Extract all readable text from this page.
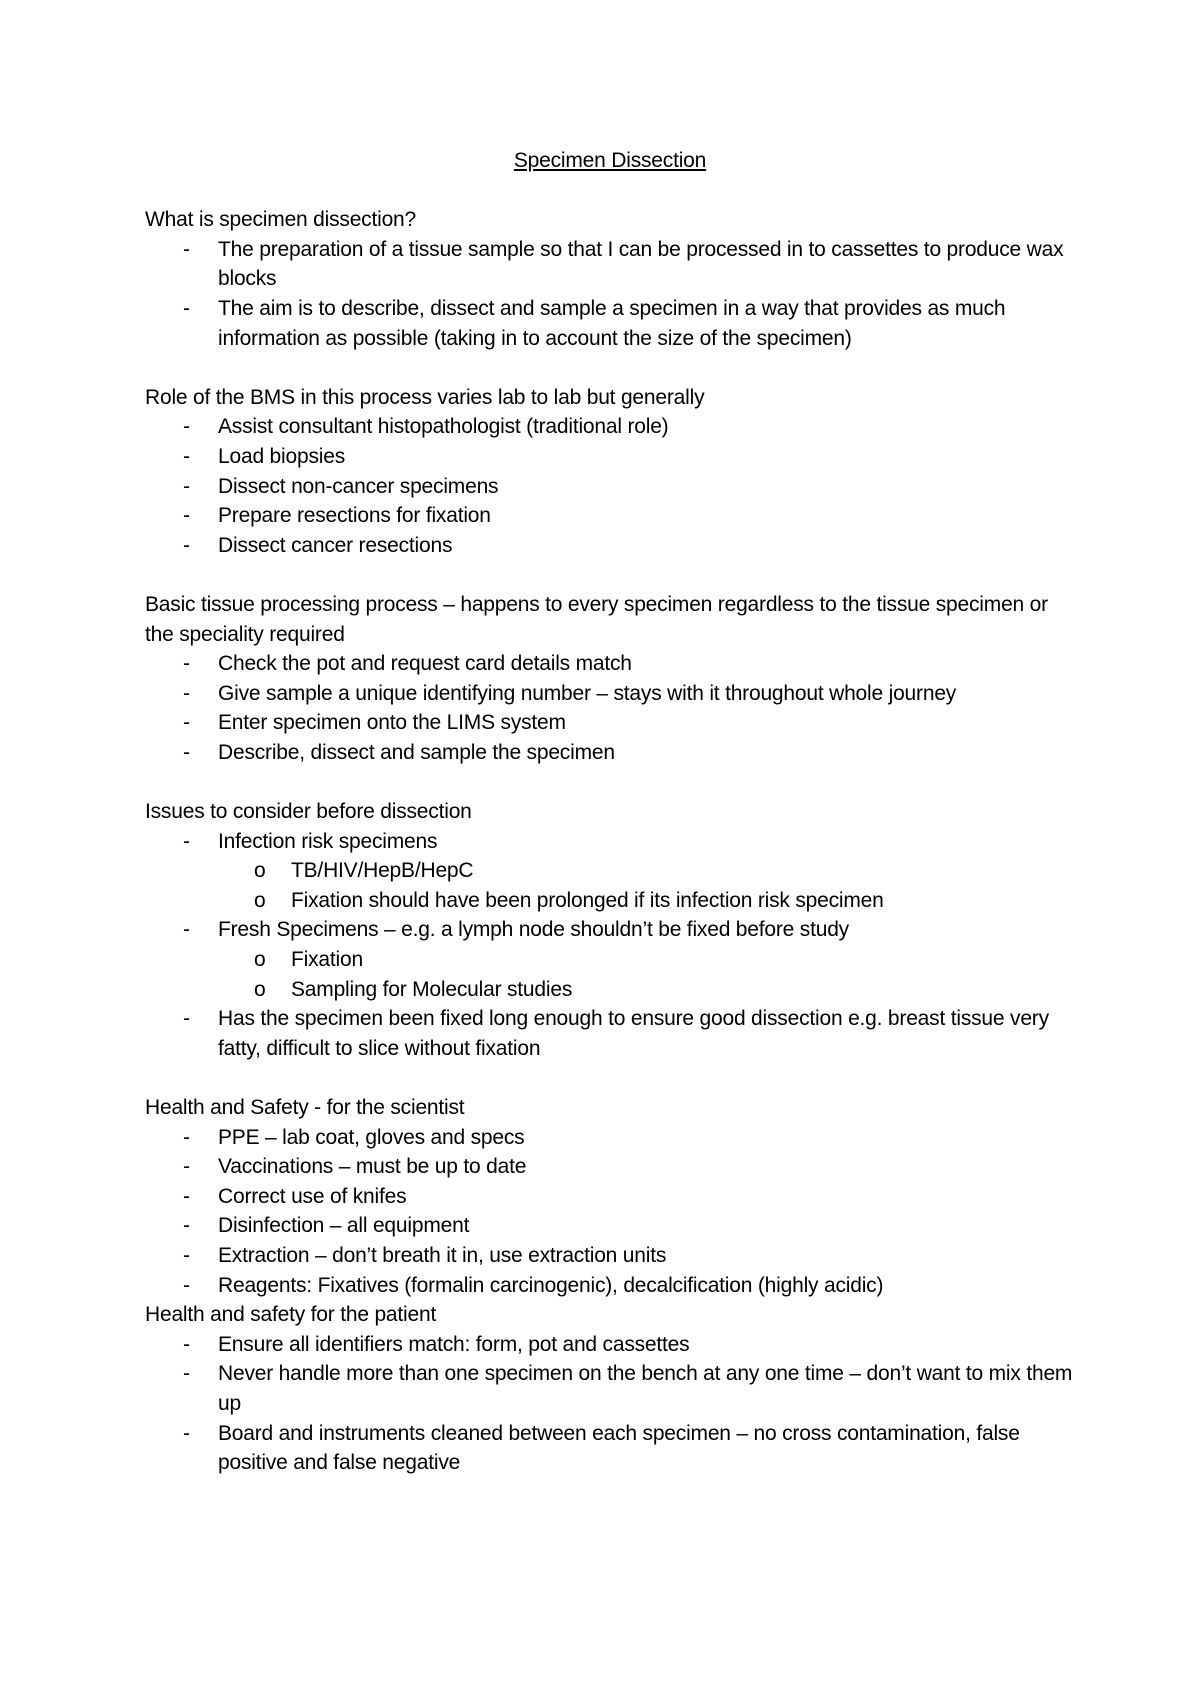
Specimen Dissection
What is specimen dissection?
- The preparation of a tissue sample so that I can be processed in to cassettes to produce wax blocks
- The aim is to describe, dissect and sample a specimen in a way that provides as much information as possible (taking in to account the size of the specimen)
Role of the BMS in this process varies lab to lab but generally
- Assist consultant histopathologist (traditional role)
- Load biopsies
- Dissect non-cancer specimens
- Prepare resections for fixation
- Dissect cancer resections
Basic tissue processing process – happens to every specimen regardless to the tissue specimen or the speciality required
- Check the pot and request card details match
- Give sample a unique identifying number – stays with it throughout whole journey
- Enter specimen onto the LIMS system
- Describe, dissect and sample the specimen
Issues to consider before dissection
- Infection risk specimens
o TB/HIV/HepB/HepC
o Fixation should have been prolonged if its infection risk specimen
- Fresh Specimens – e.g. a lymph node shouldn’t be fixed before study
o Fixation
o Sampling for Molecular studies
- Has the specimen been fixed long enough to ensure good dissection e.g. breast tissue very fatty, difficult to slice without fixation
Health and Safety - for the scientist
- PPE – lab coat, gloves and specs
- Vaccinations – must be up to date
- Correct use of knifes
- Disinfection – all equipment
- Extraction – don’t breath it in, use extraction units
- Reagents: Fixatives (formalin carcinogenic), decalcification (highly acidic)
Health and safety for the patient
- Ensure all identifiers match: form, pot and cassettes
- Never handle more than one specimen on the bench at any one time – don’t want to mix them up
- Board and instruments cleaned between each specimen – no cross contamination, false positive and false negative
